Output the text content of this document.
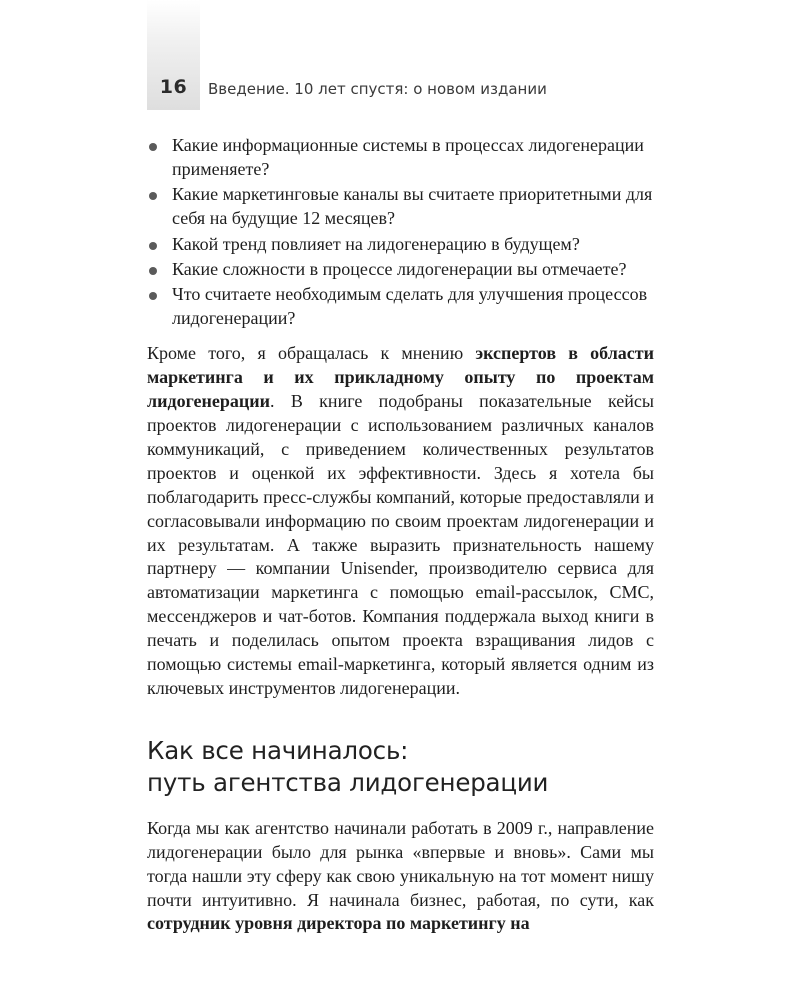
16	Введение. 10 лет спустя: о новом издании
Какие информационные системы в процессах лидогенерации применяете?
Какие маркетинговые каналы вы считаете приоритетными для себя на будущие 12 месяцев?
Какой тренд повлияет на лидогенерацию в будущем?
Какие сложности в процессе лидогенерации вы отмечаете?
Что считаете необходимым сделать для улучшения процессов лидогенерации?

Кроме того, я обращалась к мнению экспертов в области маркетинга и их прикладному опыту по проектам лидогенерации. В книге подобраны показательные кейсы проектов лидогенерации с использованием различных каналов коммуникаций, с приведением количественных результатов проектов и оценкой их эффективности. Здесь я хотела бы поблагодарить пресс-службы компаний, которые предоставляли и согласовывали информацию по своим проектам лидогенерации и их результатам. А также выразить признательность нашему партнеру — компании Unisender, производителю сервиса для автоматизации маркетинга с помощью email-рассылок, СМС, мессенджеров и чат-ботов. Компания поддержала выход книги в печать и поделилась опытом проекта взращивания лидов с помощью системы email-маркетинга, который является одним из ключевых инструментов лидогенерации.

Как все начиналось:
путь агентства лидогенерации

Когда мы как агентство начинали работать в 2009 г., направление лидогенерации было для рынка «впервые и вновь». Сами мы тогда нашли эту сферу как свою уникальную на тот момент нишу почти интуитивно. Я начинала бизнес, работая, по сути, как сотрудник уровня директора по маркетингу на
